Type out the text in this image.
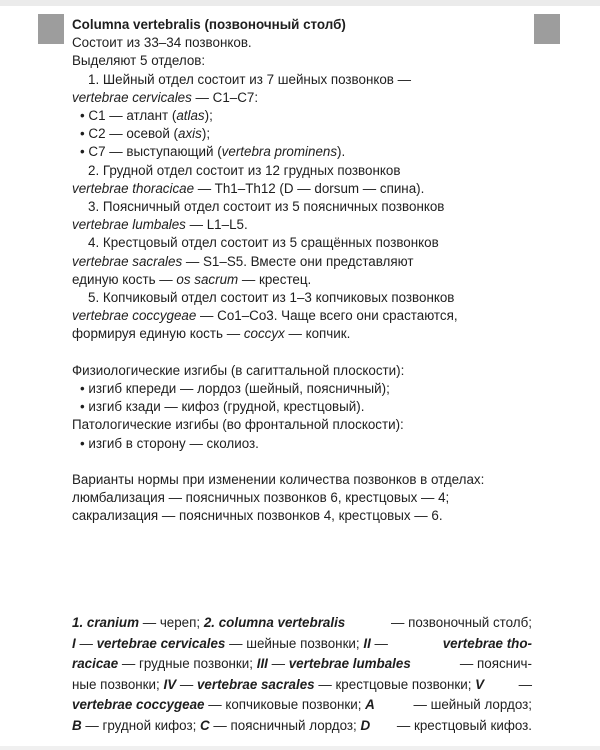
Columna vertebralis (позвоночный столб)

Состоит из 33–34 позвонков.

Выделяют 5 отделов:

1. Шейный отдел состоит из 7 шейных позвонков —

vertebrae cervicales — C1–C7:

• C1 — атлант (atlas);

• C2 — осевой (axis);

• C7 — выступающий (vertebra prominens).

2. Грудной отдел состоит из 12 грудных позвонков

vertebrae thoracicae — Th1–Th12 (D — dorsum — спина).

3. Поясничный отдел состоит из 5 поясничных позвонков

vertebrae lumbales — L1–L5.

4. Крестцовый отдел состоит из 5 сращённых позвонков

vertebrae sacrales — S1–S5. Вместе они представляют

единую кость — os sacrum — крестец.

5. Копчиковый отдел состоит из 1–3 копчиковых позвонков

vertebrae coccygeae — Co1–Co3. Чаще всего они срастаются,

формируя единую кость — coccyx — копчик.

Физиологические изгибы (в сагиттальной плоскости):

• изгиб кпереди — лордоз (шейный, поясничный);

• изгиб кзади — кифоз (грудной, крестцовый).

Патологические изгибы (во фронтальной плоскости):

• изгиб в сторону — сколиоз.

Варианты нормы при изменении количества позвонков в отделах:

люмбализация — поясничных позвонков 6, крестцовых — 4;

сакрализация — поясничных позвонков 4, крестцовых — 6.

1. cranium — череп; 2. columna vertebralis	— позвоночный столб;

I — vertebrae cervicales — шейные позвонки; II —	vertebrae tho-

racicae — грудные позвонки; III — vertebrae lumbales	— пояснич-

ные позвонки; IV — vertebrae sacrales — крестцовые позвонки; V	—

vertebrae coccygeae — копчиковые позвонки; A	— шейный лордоз;

B — грудной кифоз; C — поясничный лордоз; D — крестцовый кифоз.
